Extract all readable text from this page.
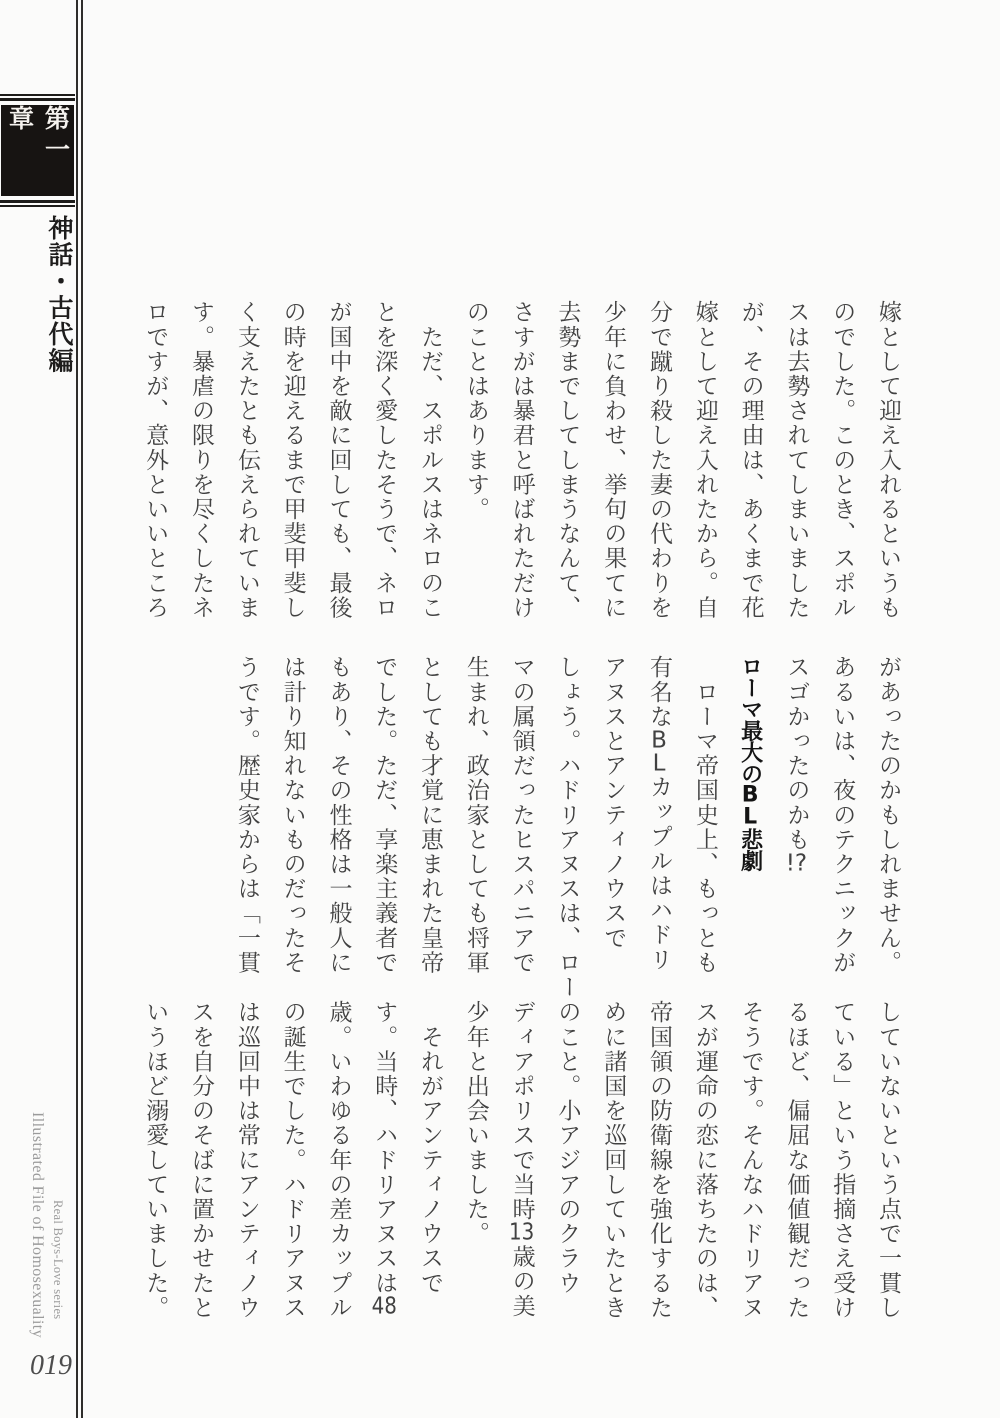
第一章
神話・古代編

嫁として迎え入れるというも

のでした。このとき、スポル

スは去勢されてしまいました

が、その理由は、あくまで花

嫁として迎え入れたから。自

分で蹴り殺した妻の代わりを

少年に負わせ、挙句の果てに

去勢までしてしまうなんて、

さすがは暴君と呼ばれただけ

のことはあります。

　ただ、スポルスはネロのこ

とを深く愛したそうで、ネロ

が国中を敵に回しても、最後

の時を迎えるまで甲斐甲斐し

く支えたとも伝えられていま

す。暴虐の限りを尽くしたネ

ロですが、意外といいところ

があったのかもしれません。

あるいは、夜のテクニックが

スゴかったのかも!?

ローマ最大のBL悲劇

　ローマ帝国史上、もっとも

有名なBLカップルはハドリ

アヌスとアンティノウスで

しょう。ハドリアヌスは、ロー

マの属領だったヒスパニアで

生まれ、政治家としても将軍

としても才覚に恵まれた皇帝

でした。ただ、享楽主義者で

もあり、その性格は一般人に

は計り知れないものだったそ

うです。歴史家からは「一貫

していないという点で一貫し

ている」という指摘さえ受け

るほど、偏屈な価値観だった

そうです。そんなハドリアヌ

スが運命の恋に落ちたのは、

帝国領の防衛線を強化するた

めに諸国を巡回していたとき

のこと。小アジアのクラウ

ディアポリスで当時13歳の美

少年と出会いました。

　それがアンティノウスで

す。当時、ハドリアヌスは48

歳。いわゆる年の差カップル

の誕生でした。ハドリアヌス

は巡回中は常にアンティノウ

スを自分のそばに置かせたと

いうほど溺愛していました。

Illustrated File of Homosexuality Real Boys-Love series
019
